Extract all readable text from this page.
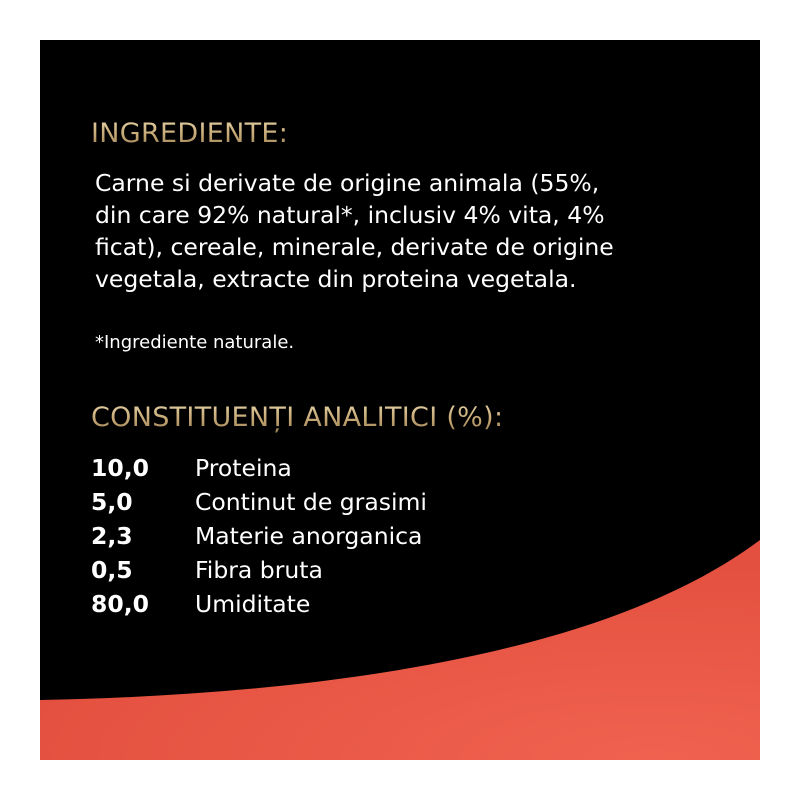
INGREDIENTE:
Carne si derivate de origine animala (55%,
din care 92% natural*, inclusiv 4% vita, 4%
ficat), cereale, minerale, derivate de origine
vegetala, extracte din proteina vegetala.

*Ingrediente naturale.

CONSTITUENȚI ANALITICI (%):
10,0	Proteina
5,0	Continut de grasimi
2,3	Materie anorganica
0,5	Fibra bruta
80,0	Umiditate
